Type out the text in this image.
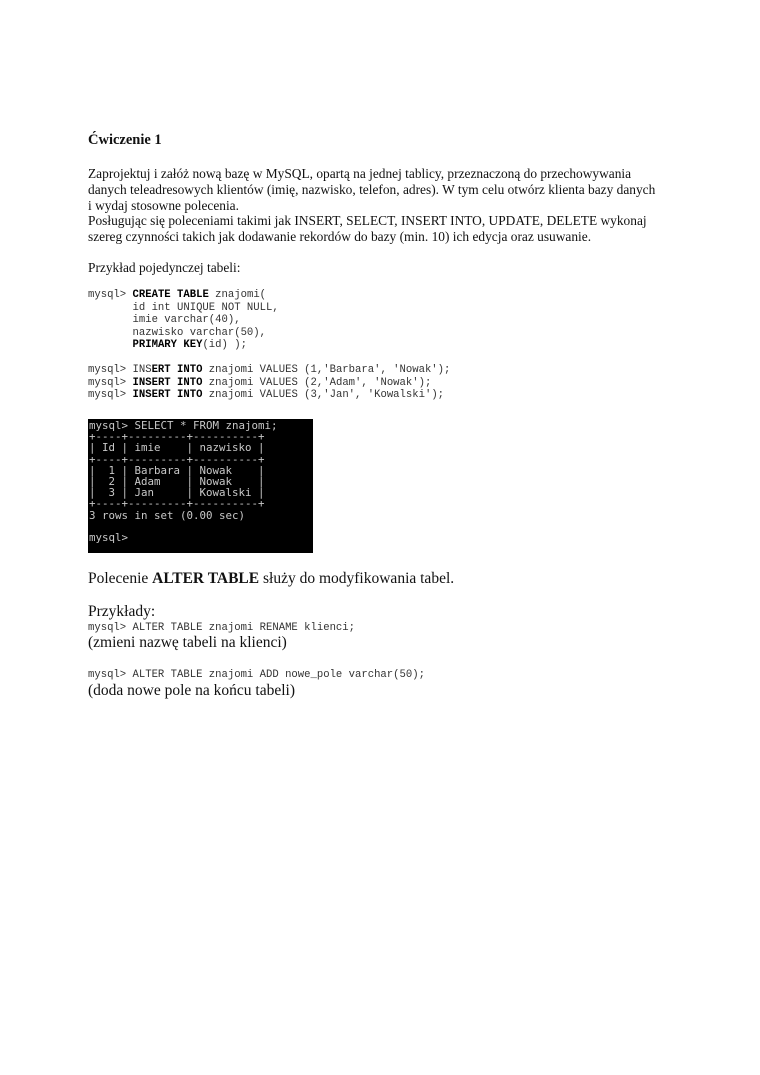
Ćwiczenie 1
Zaprojektuj i załóż nową bazę w MySQL, opartą na jednej tablicy, przeznaczoną do przechowywania
danych teleadresowych klientów (imię, nazwisko, telefon, adres). W tym celu otwórz klienta bazy danych
i wydaj stosowne polecenia.
Posługując się poleceniami takimi jak INSERT, SELECT, INSERT INTO, UPDATE, DELETE wykonaj
szereg czynności takich jak dodawanie rekordów do bazy (min. 10) ich edycja oraz usuwanie.
Przykład pojedynczej tabeli:
mysql> CREATE TABLE znajomi(
id int UNIQUE NOT NULL,
imie varchar(40),
nazwisko varchar(50),
PRIMARY KEY(id) );
mysql> INSERT INTO znajomi VALUES (1,'Barbara', 'Nowak');
mysql> INSERT INTO znajomi VALUES (2,'Adam', 'Nowak');
mysql> INSERT INTO znajomi VALUES (3,'Jan', 'Kowalski');
mysql> SELECT * FROM znajomi;
+----+---------+----------+
| Id | imie    | nazwisko |
+----+---------+----------+
|  1 | Barbara | Nowak    |
|  2 | Adam    | Nowak    |
|  3 | Jan     | Kowalski |
+----+---------+----------+
3 rows in set (0.00 sec)

mysql>
Polecenie ALTER TABLE służy do modyfikowania tabel.
Przykłady:
mysql> ALTER TABLE znajomi RENAME klienci;
(zmieni nazwę tabeli na klienci)
mysql> ALTER TABLE znajomi ADD nowe_pole varchar(50);
(doda nowe pole na końcu tabeli)
